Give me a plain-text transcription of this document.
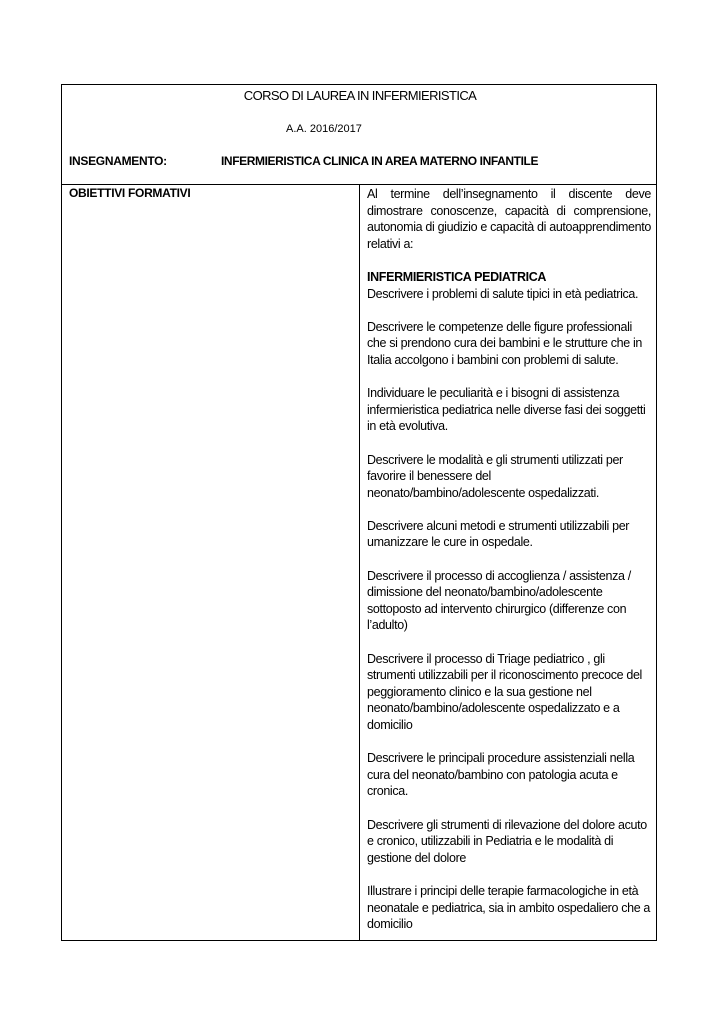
CORSO DI LAUREA IN INFERMIERISTICA
A.A. 2016/2017
INSEGNAMENTO:	INFERMIERISTICA CLINICA IN AREA MATERNO INFANTILE
OBIETTIVI FORMATIVI	Al termine dell’insegnamento il discente deve dimostrare conoscenze, capacità di comprensione, autonomia di giudizio e capacità di autoapprendimento relativi a:

INFERMIERISTICA PEDIATRICA

Descrivere i problemi di salute tipici in età pediatrica.

Descrivere le competenze delle figure professionali che si prendono cura dei bambini e le strutture che in Italia accolgono i bambini con problemi di salute.

Individuare le peculiarità e i bisogni di assistenza infermieristica pediatrica nelle diverse fasi dei soggetti in età evolutiva.

Descrivere le modalità e gli strumenti utilizzati per favorire il benessere del neonato/bambino/adolescente ospedalizzati.

Descrivere alcuni metodi e strumenti utilizzabili per umanizzare le cure in ospedale.

Descrivere il processo di accoglienza / assistenza / dimissione del neonato/bambino/adolescente sottoposto ad intervento chirurgico (differenze con l’adulto)

Descrivere il processo di Triage pediatrico , gli strumenti utilizzabili per il riconoscimento precoce del peggioramento clinico e la sua gestione nel neonato/bambino/adolescente ospedalizzato e a domicilio

Descrivere le principali procedure assistenziali nella cura del neonato/bambino con patologia acuta e cronica.

Descrivere gli strumenti di rilevazione del dolore acuto e cronico, utilizzabili in Pediatria e le modalità di gestione del dolore

Illustrare i principi delle terapie farmacologiche in età neonatale e pediatrica, sia in ambito ospedaliero che a domicilio
